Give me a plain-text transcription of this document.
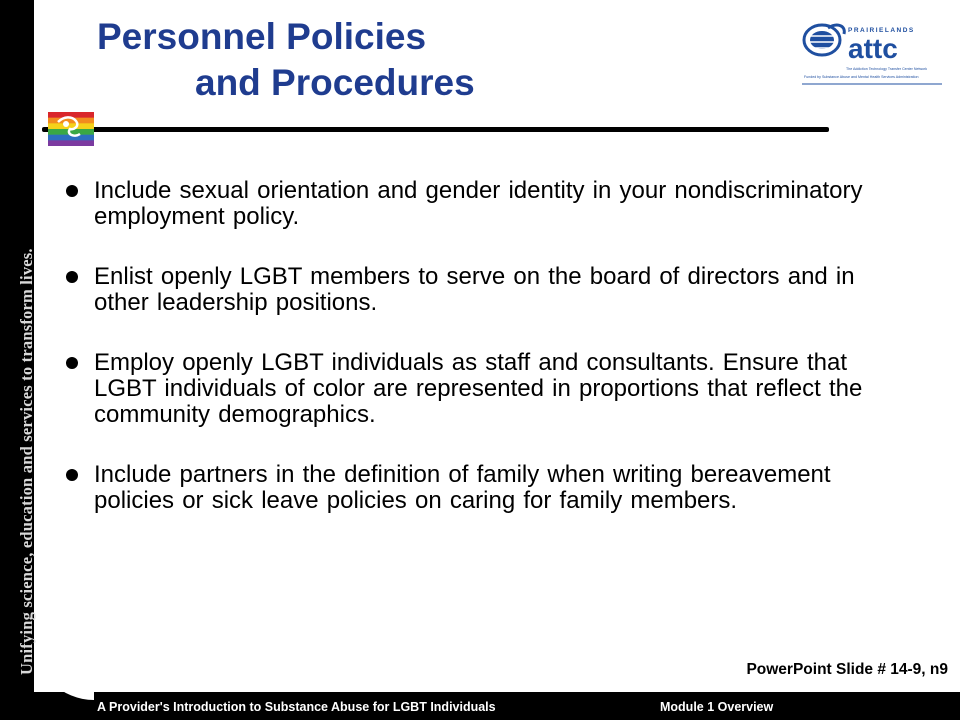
Unifying science, education and services to transform lives.
Personnel Policies
and Procedures
PRAIRIELANDS
attc
The Addiction Technology Transfer Center Network
Funded by Substance Abuse and Mental Health Services Administration
Include sexual orientation and gender identity in your nondiscriminatory employment policy.
Enlist openly LGBT members to serve on the board of directors and in other leadership positions.
Employ openly LGBT individuals as staff and consultants. Ensure that LGBT individuals of color are represented in proportions that reflect the community demographics.
Include partners in the definition of family when writing bereavement policies or sick leave policies on caring for family members.
PowerPoint Slide # 14-9, n9
A Provider's Introduction to Substance Abuse for LGBT Individuals	Module 1 Overview
